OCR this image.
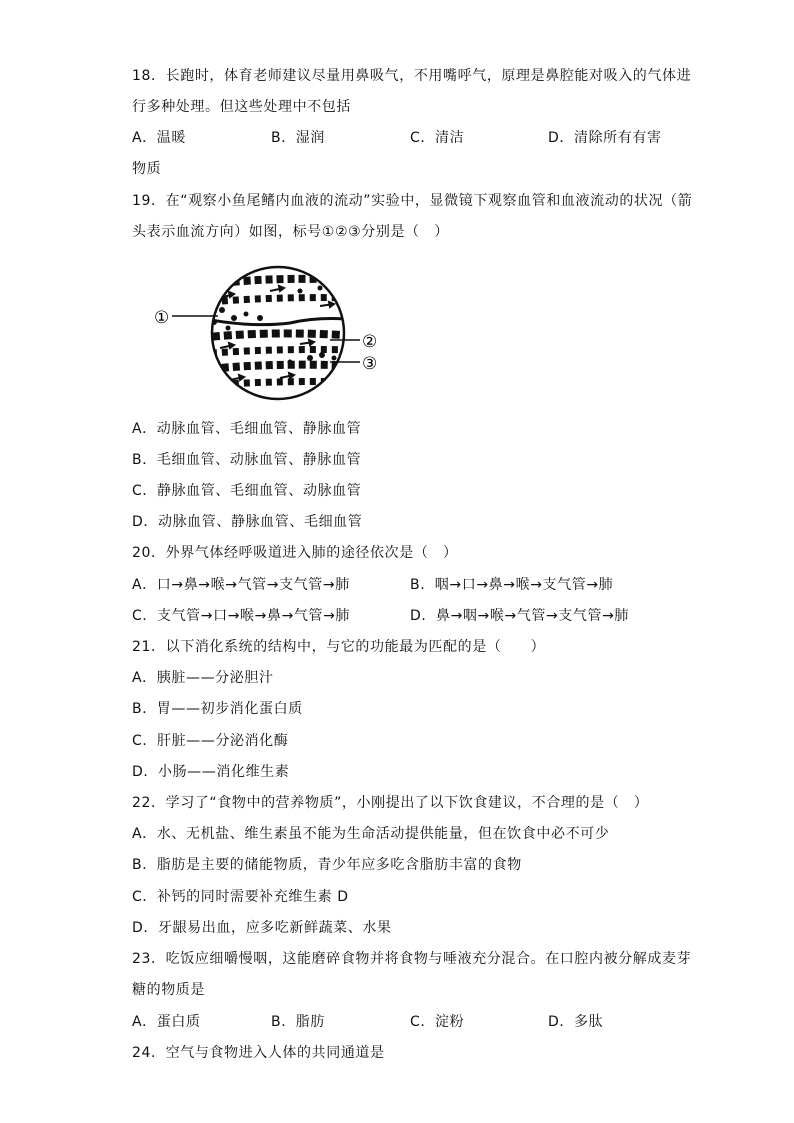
18．长跑时，体育老师建议尽量用鼻吸气，不用嘴呼气，原理是鼻腔能对吸入的气体进
行多种处理。但这些处理中不包括
A．温暖	B．湿润	C．清洁	D．清除所有有害
物质
19．在“观察小鱼尾鳍内血液的流动”实验中，显微镜下观察血管和血液流动的状况（箭
头表示血流方向）如图，标号①②③分别是（　）
①
②
③
A．动脉血管、毛细血管、静脉血管
B．毛细血管、动脉血管、静脉血管
C．静脉血管、毛细血管、动脉血管
D．动脉血管、静脉血管、毛细血管
20．外界气体经呼吸道进入肺的途径依次是（　）
A．口→鼻→喉→气管→支气管→肺	B．咽→口→鼻→喉→支气管→肺
C．支气管→口→喉→鼻→气管→肺	D．鼻→咽→喉→气管→支气管→肺
21．以下消化系统的结构中，与它的功能最为匹配的是（　　）
A．胰脏——分泌胆汁
B．胃——初步消化蛋白质
C．肝脏——分泌消化酶
D．小肠——消化维生素
22．学习了“食物中的营养物质”，小刚提出了以下饮食建议，不合理的是（　）
A．水、无机盐、维生素虽不能为生命活动提供能量，但在饮食中必不可少
B．脂肪是主要的储能物质，青少年应多吃含脂肪丰富的食物
C．补钙的同时需要补充维生素 D
D．牙龈易出血，应多吃新鲜蔬菜、水果
23．吃饭应细嚼慢咽，这能磨碎食物并将食物与唾液充分混合。在口腔内被分解成麦芽
糖的物质是
A．蛋白质	B．脂肪	C．淀粉	D．多肽
24．空气与食物进入人体的共同通道是
